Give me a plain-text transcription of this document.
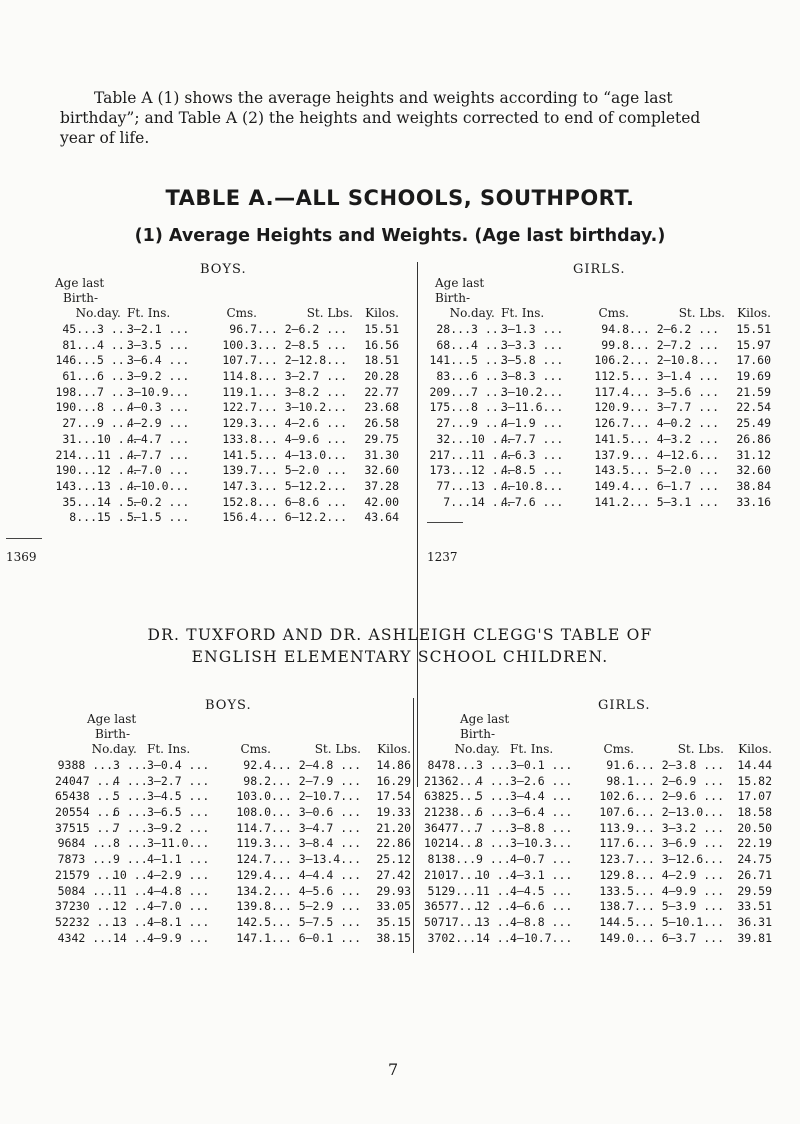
Table A (1) shows the average heights and weights according to “age last birthday”; and Table A (2) the heights and weights corrected to end of completed year of life.
TABLE A.—ALL SCHOOLS, SOUTHPORT.
(1) Average Heights and Weights. (Age last birthday.)
BOYS.
Age last
Birth-
No.day. Ft. Ins.	Cms.	St. Lbs. Kilos.
45...3 ...3—2.1 ...	96.7... 2—6.2 ... 15.51
81...4 ...3—3.5 ...	100.3... 2—8.5 ... 16.56
146...5 ...3—6.4 ...	107.7... 2—12.8... 18.51
61...6 ...3—9.2 ...	114.8... 3—2.7 ... 20.28
198...7 ...3—10.9...	119.1... 3—8.2 ... 22.77
190...8 ...4—0.3 ...	122.7... 3—10.2... 23.68
27...9 ...4—2.9 ...	129.3... 4—2.6 ... 26.58
31...10 ...4—4.7 ...	133.8... 4—9.6 ... 29.75
214...11 ...4—7.7 ...	141.5... 4—13.0... 31.30
190...12 ...4—7.0 ...	139.7... 5—2.0 ... 32.60
143...13 ...4—10.0...	147.3... 5—12.2... 37.28
35...14 ...5—0.2 ...	152.8... 6—8.6 ... 42.00
8...15 ...5—1.5 ...	156.4... 6—12.2... 43.64
GIRLS.
Age last
Birth-
No.day. Ft. Ins.	Cms.	St. Lbs. Kilos.
28...3 ...3—1.3 ...	94.8... 2—6.2 ... 15.51
68...4 ...3—3.3 ...	99.8... 2—7.2 ... 15.97
141...5 ...3—5.8 ...	106.2... 2—10.8... 17.60
83...6 ...3—8.3 ...	112.5... 3—1.4 ... 19.69
209...7 ...3—10.2...	117.4... 3—5.6 ... 21.59
175...8 ...3—11.6...	120.9... 3—7.7 ... 22.54
27...9 ...4—1.9 ...	126.7... 4—0.2 ... 25.49
32...10 ...4—7.7 ...	141.5... 4—3.2 ... 26.86
217...11 ...4—6.3 ...	137.9... 4—12.6... 31.12
173...12 ...4—8.5 ...	143.5... 5—2.0 ... 32.60
77...13 ...4—10.8...	149.4... 6—1.7 ... 38.84
7...14 ...4—7.6 ...	141.2... 5—3.1 ... 33.16
1369	1237
DR. TUXFORD AND DR. ASHLEIGH CLEGG'S TABLE OF
ENGLISH ELEMENTARY SCHOOL CHILDREN.
BOYS.
Age last
Birth-
No.day. Ft. Ins.	Cms.	St. Lbs. Kilos.
9388 ...3 ...3—0.4 ...	92.4... 2—4.8 ... 14.86
24047 ...4 ...3—2.7 ...	98.2... 2—7.9 ... 16.29
65438 ...5 ...3—4.5 ... 103.0... 2—10.7... 17.54
20554 ...6 ...3—6.5 ... 108.0... 3—0.6 ... 19.33
37515 ...7 ...3—9.2 ... 114.7... 3—4.7 ... 21.20
9684 ...8 ...3—11.0... 119.3... 3—8.4 ... 22.86
7873 ...9 ...4—1.1 ... 124.7... 3—13.4... 25.12
21579 ...10 ...4—2.9 ... 129.4... 4—4.4 ... 27.42
5084 ...11 ...4—4.8 ... 134.2... 4—5.6 ... 29.93
37230 ...12 ...4—7.0 ... 139.8... 5—2.9 ... 33.05
52232 ...13 ...4—8.1 ... 142.5... 5—7.5 ... 35.15
4342 ...14 ...4—9.9 ... 147.1... 6—0.1 ... 38.15
GIRLS.
Age last
Birth-
No.day. Ft. Ins.	Cms.	St. Lbs. Kilos.
8478...3 ...3—0.1 ...	91.6... 2—3.8 ... 14.44
21362...4 ...3—2.6 ...	98.1... 2—6.9 ... 15.82
63825...5 ...3—4.4 ... 102.6... 2—9.6 ... 17.07
21238...6 ...3—6.4 ... 107.6... 2—13.0... 18.58
36477...7 ...3—8.8 ... 113.9... 3—3.2 ... 20.50
10214...8 ...3—10.3... 117.6... 3—6.9 ... 22.19
8138...9 ...4—0.7 ... 123.7... 3—12.6... 24.75
21017...10 ...4—3.1 ... 129.8... 4—2.9 ... 26.71
5129...11 ...4—4.5 ... 133.5... 4—9.9 ... 29.59
36577...12 ...4—6.6 ... 138.7... 5—3.9 ... 33.51
50717...13 ...4—8.8 ... 144.5... 5—10.1... 36.31
3702...14 ...4—10.7... 149.0... 6—3.7 ... 39.81
7
